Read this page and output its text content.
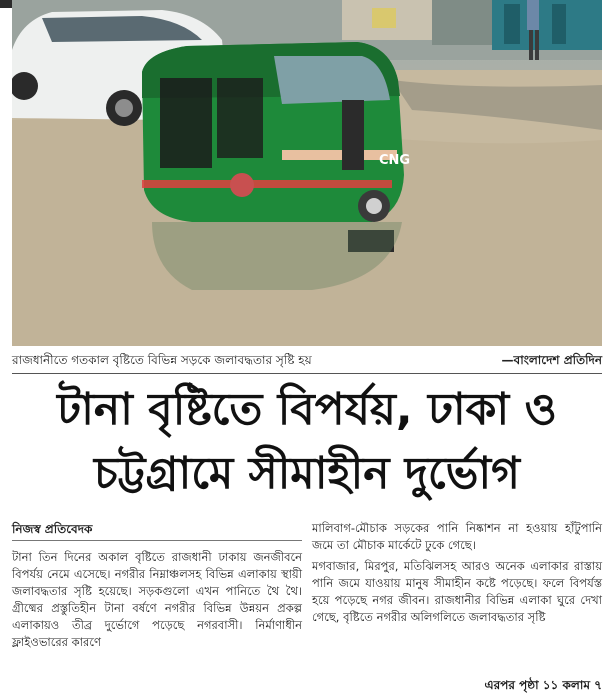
CNG
রাজধানীতে গতকাল বৃষ্টিতে বিভিন্ন সড়কে জলাবদ্ধতার সৃষ্টি হয়	—বাংলাদেশ প্রতিদিন
টানা বৃষ্টিতে বিপর্যয়, ঢাকা ও
চট্টগ্রামে সীমাহীন দুর্ভোগ
নিজস্ব প্রতিবেদক

টানা তিন দিনের অকাল বৃষ্টিতে রাজধানী ঢাকায় জনজীবনে বিপর্যয় নেমে এসেছে। নগরীর নিম্নাঞ্চলসহ বিভিন্ন এলাকায় স্থায়ী জলাবদ্ধতার সৃষ্টি হয়েছে। সড়কগুলো এখন পানিতে থৈ থৈ। গ্রীষ্মের প্রস্তুতিহীন টানা বর্ষণে নগরীর বিভিন্ন উন্নয়ন প্রকল্প এলাকায়ও তীব্র দুর্ভোগে পড়েছে নগরবাসী। নির্মাণাধীন ফ্লাইওভারের কারণে

মালিবাগ-মৌচাক সড়কের পানি নিষ্কাশন না হওয়ায় হাঁটুপানি জমে তা মৌচাক মার্কেটে ঢুকে গেছে।

মগবাজার, মিরপুর, মতিঝিলসহ আরও অনেক এলাকার রাস্তায় পানি জমে যাওয়ায় মানুষ সীমাহীন কষ্টে পড়েছে। ফলে বিপর্যস্ত হয়ে পড়েছে নগর জীবন। রাজধানীর বিভিন্ন এলাকা ঘুরে দেখা গেছে, বৃষ্টিতে নগরীর অলিগলিতে জলাবদ্ধতার সৃষ্টি

এরপর পৃষ্ঠা ১১ কলাম ৭
